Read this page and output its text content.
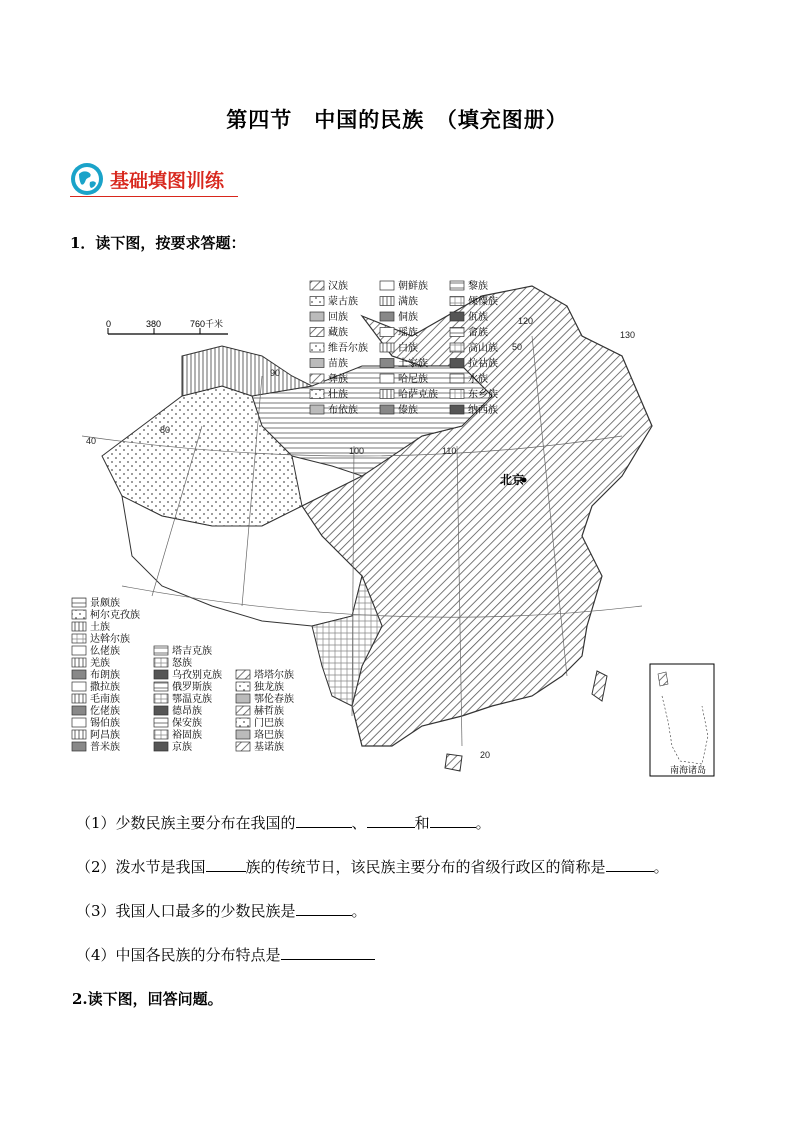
第四节　中国的民族　（填充图册）
基础填图训练
1．读下图，按要求答题：
0	380	760千米
80
90
100	110
120
130
40
50
20
北京
汉族	朝鲜族	黎族
蒙古族	满族	傈僳族
回族	侗族	佤族
藏族	瑶族	畲族
维吾尔族	白族	高山族
苗族	土家族	拉祜族
彝族	哈尼族	水族
壮族	哈萨克族	东乡族
布依族	傣族	纳西族
景颇族
柯尔克孜族
土族
达斡尔族
仫佬族	塔吉克族
羌族	怒族
布朗族	乌孜别克族	塔塔尔族
撒拉族	俄罗斯族	独龙族
毛南族	鄂温克族	鄂伦春族
仡佬族	德昂族	赫哲族
锡伯族	保安族	门巴族
阿昌族	裕固族	珞巴族
普米族	京族	基诺族
南海诸岛
（1）少数民族主要分布在我国的	、	和	。
（2）泼水节是我国	族的传统节日，该民族主要分布的省级行政区的简称是	。
（3）我国人口最多的少数民族是	。
（4）中国各民族的分布特点是
2.读下图，回答问题。
